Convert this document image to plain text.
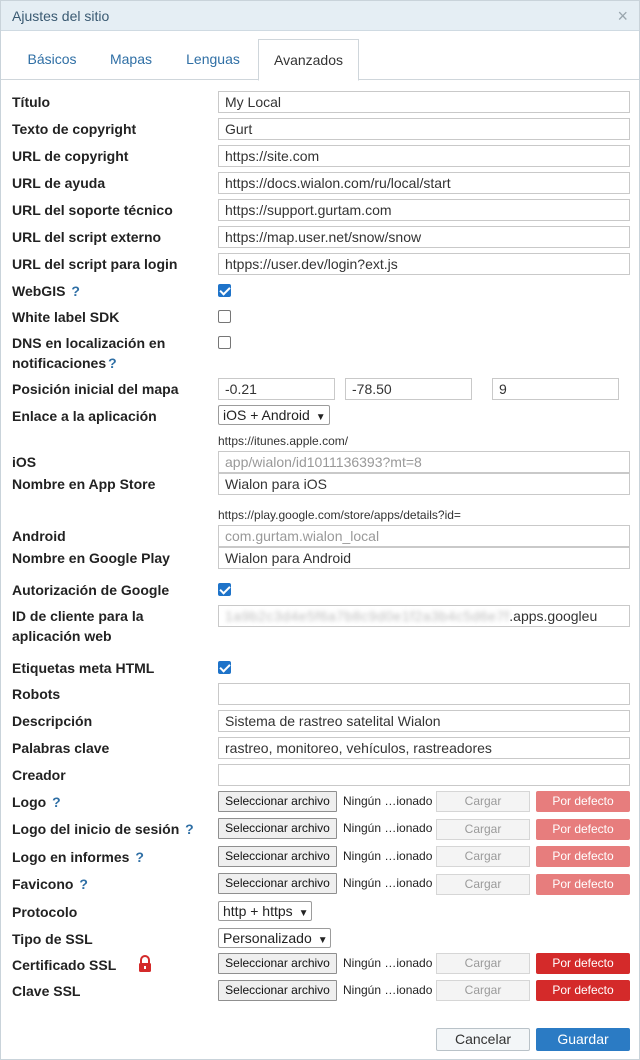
Ajustes del sitio	×
Básicos	Mapas	Lenguas	Avanzados
Título	My Local
Texto de copyright	Gurt
URL de copyright	https://site.com
URL de ayuda	https://docs.wialon.com/ru/local/start
URL del soporte técnico	https://support.gurtam.com
URL del script externo	https://map.user.net/snow/snow
URL del script para login	htpps://user.dev/login?ext.js
WebGIS ?
White label SDK
DNS en localización en
notificaciones ?
Posición inicial del mapa	-0.21	-78.50	9
Enlace a la aplicación	iOS + Android ▼
https://itunes.apple.com/
iOS	app/wialon/id1011136393?mt=8
Nombre en App Store	Wialon para iOS
https://play.google.com/store/apps/details?id=
Android	com.gurtam.wialon_local
Nombre en Google Play	Wialon para Android
Autorización de Google
ID de cliente para la
aplicación web
1a9b2c3d4e5f6a7b8c9d0e1f2a3b4c5d6e7f.apps.googleu
Etiquetas meta HTML
Robots
Descripción	Sistema de rastreo satelital Wialon
Palabras clave	rastreo, monitoreo, vehículos, rastreadores
Creador
Logo ?	Seleccionar archivo	Ningún …ionado	Cargar	Por defecto
Logo del inicio de sesión ?	Seleccionar archivo	Ningún …ionado	Cargar	Por defecto
Logo en informes ?	Seleccionar archivo	Ningún …ionado	Cargar	Por defecto
Favicono ?	Seleccionar archivo	Ningún …ionado	Cargar	Por defecto
Protocolo	http + https ▼
Tipo de SSL	Personalizado ▼
Certificado SSL	Seleccionar archivo	Ningún …ionado	Cargar	Por defecto
Clave SSL	Seleccionar archivo	Ningún …ionado	Cargar	Por defecto
Cancelar	Guardar
